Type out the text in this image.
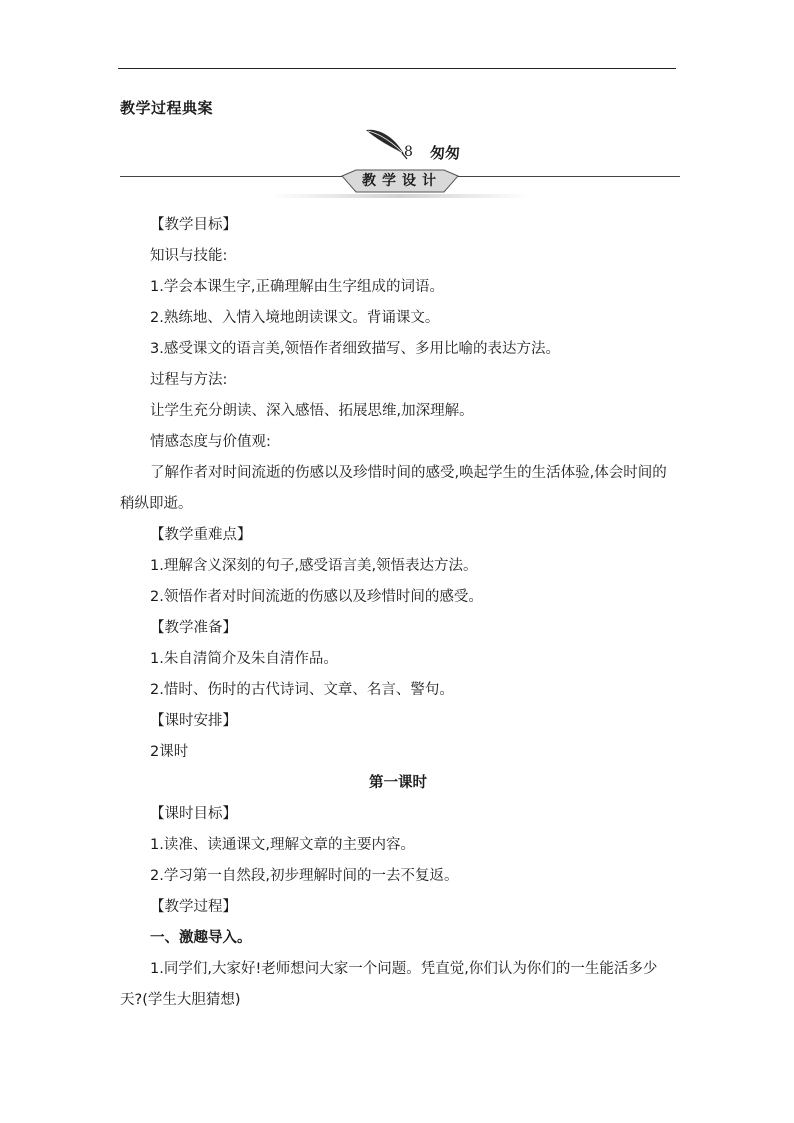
教学过程典案
8 匆匆
教学设计

【教学目标】

知识与技能:

1.学会本课生字,正确理解由生字组成的词语。

2.熟练地、入情入境地朗读课文。背诵课文。

3.感受课文的语言美,领悟作者细致描写、多用比喻的表达方法。

过程与方法:

让学生充分朗读、深入感悟、拓展思维,加深理解。

情感态度与价值观:

了解作者对时间流逝的伤感以及珍惜时间的感受,唤起学生的生活体验,体会时间的稍纵即逝。

【教学重难点】

1.理解含义深刻的句子,感受语言美,领悟表达方法。

2.领悟作者对时间流逝的伤感以及珍惜时间的感受。

【教学准备】

1.朱自清简介及朱自清作品。

2.惜时、伤时的古代诗词、文章、名言、警句。

【课时安排】

2课时

第一课时

【课时目标】

1.读准、读通课文,理解文章的主要内容。

2.学习第一自然段,初步理解时间的一去不复返。

【教学过程】

一、激趣导入。

1.同学们,大家好!老师想问大家一个问题。凭直觉,你们认为你们的一生能活多少天?(学生大胆猜想)
